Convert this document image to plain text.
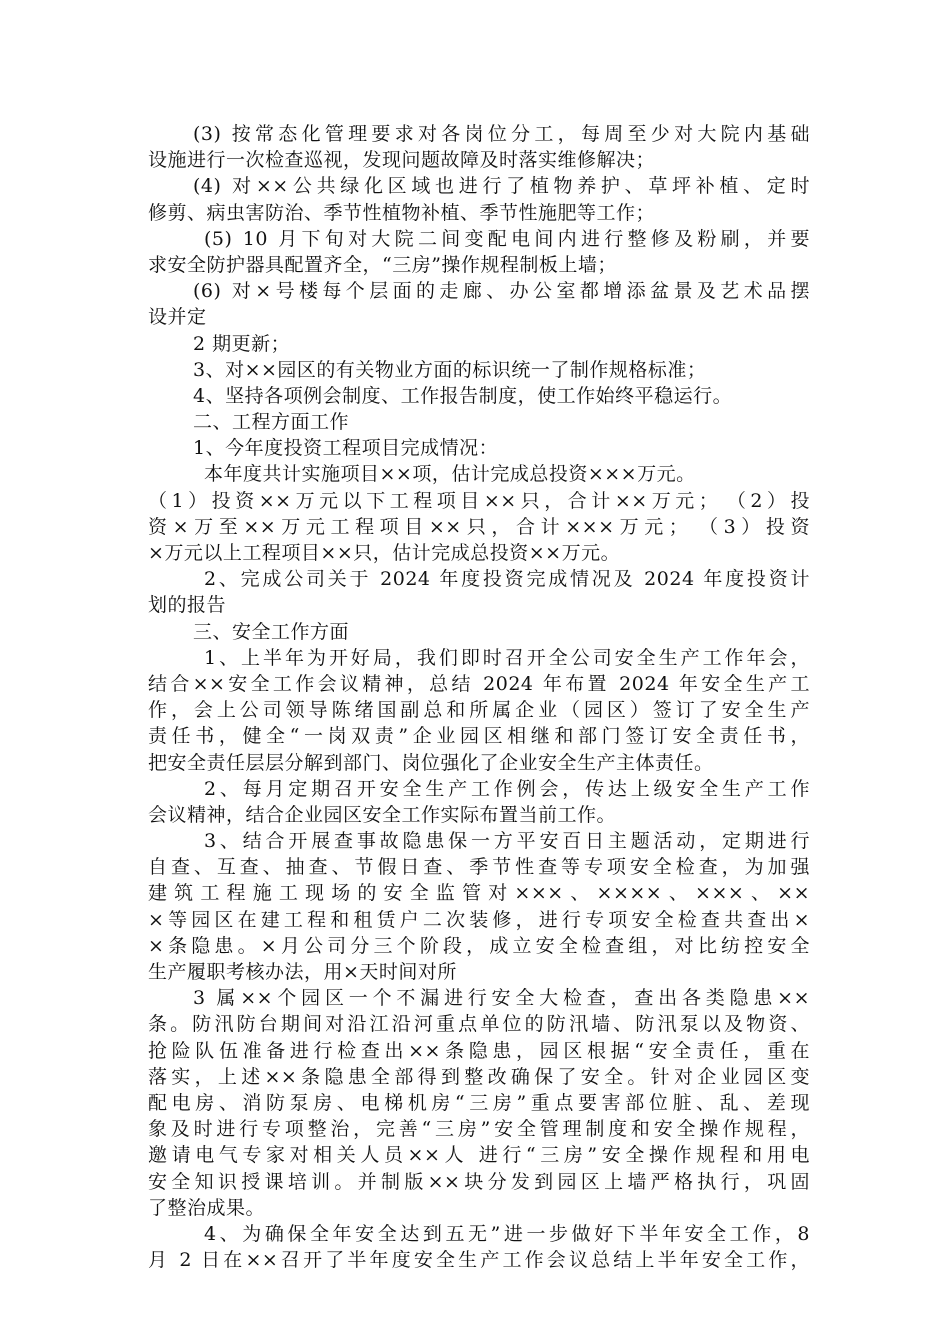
(3) 按常态化管理要求对各岗位分工，每周至少对大院内基础
设施进行一次检查巡视，发现问题故障及时落实维修解决；
(4) 对××公共绿化区域也进行了植物养护、草坪补植、定时
修剪、病虫害防治、季节性植物补植、季节性施肥等工作；
(5) 10 月下旬对大院二间变配电间内进行整修及粉刷，并要
求安全防护器具配置齐全，“三房”操作规程制板上墙；
(6) 对×号楼每个层面的走廊、办公室都增添盆景及艺术品摆
设并定
2 期更新；
3、对××园区的有关物业方面的标识统一了制作规格标准；
4、坚持各项例会制度、工作报告制度，使工作始终平稳运行。
二、工程方面工作
1、今年度投资工程项目完成情况：
本年度共计实施项目××项，估计完成总投资×××万元。
（1）投资××万元以下工程项目××只，合计××万元；　（2）投
资×万至××万元工程项目××只，合计×××万元；　（3）投资
×万元以上工程项目××只，估计完成总投资××万元。
2、完成公司关于 2024 年度投资完成情况及 2024 年度投资计
划的报告
三、安全工作方面
1、上半年为开好局，我们即时召开全公司安全生产工作年会，
结合××安全工作会议精神，总结 2024 年布置 2024 年安全生产工
作，会上公司领导陈绪国副总和所属企业（园区）签订了安全生产
责任书，健全“一岗双责”企业园区相继和部门签订安全责任书，
把安全责任层层分解到部门、岗位强化了企业安全生产主体责任。
2、每月定期召开安全生产工作例会，传达上级安全生产工作
会议精神，结合企业园区安全工作实际布置当前工作。
3、结合开展查事故隐患保一方平安百日主题活动，定期进行
自查、互查、抽查、节假日查、季节性查等专项安全检查，为加强
建筑工程施工现场的安全监管对×××、××××、×××、××
×等园区在建工程和租赁户二次装修，进行专项安全检查共查出×
×条隐患。×月公司分三个阶段，成立安全检查组，对比纺控安全
生产履职考核办法，用×天时间对所
3 属××个园区一个不漏进行安全大检查，查出各类隐患××
条。防汛防台期间对沿江沿河重点单位的防汛墙、防汛泵以及物资、
抢险队伍准备进行检查出××条隐患，园区根据“安全责任，重在
落实，上述××条隐患全部得到整改确保了安全。针对企业园区变
配电房、消防泵房、电梯机房“三房”重点要害部位脏、乱、差现
象及时进行专项整治，完善“三房”安全管理制度和安全操作规程，
邀请电气专家对相关人员××人 进行“三房”安全操作规程和用电
安全知识授课培训。并制版××块分发到园区上墙严格执行，巩固
了整治成果。
4、为确保全年安全达到五无”进一步做好下半年安全工作，8
月 2 日在××召开了半年度安全生产工作会议总结上半年安全工作，
